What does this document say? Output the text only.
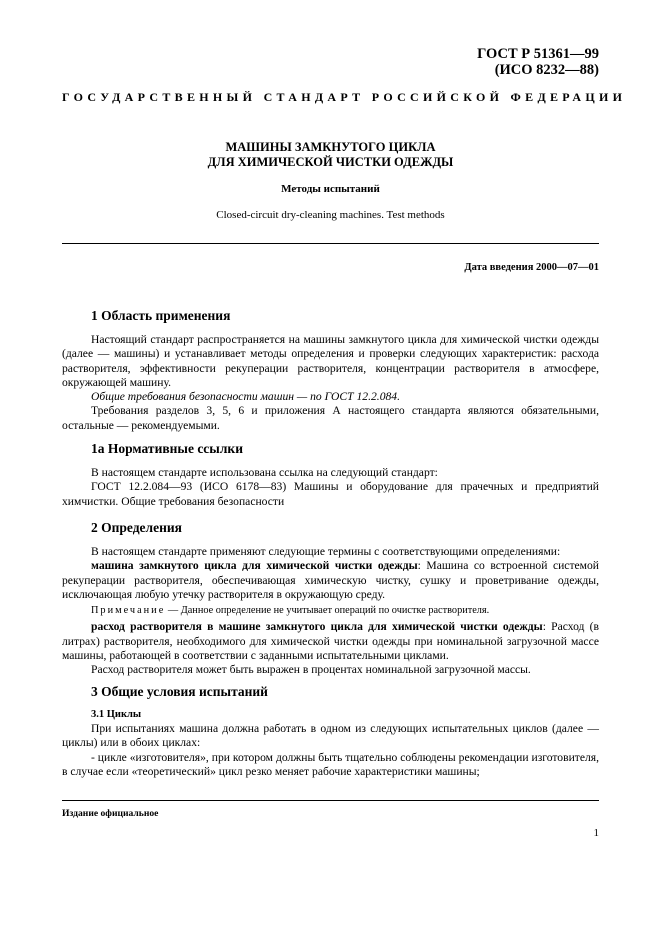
ГОСТ Р 51361—99
(ИСО 8232—88)
ГОСУДАРСТВЕННЫЙ СТАНДАРТ РОССИЙСКОЙ ФЕДЕРАЦИИ
МАШИНЫ ЗАМКНУТОГО ЦИКЛА
ДЛЯ ХИМИЧЕСКОЙ ЧИСТКИ ОДЕЖДЫ
Методы испытаний
Closed-circuit dry-cleaning machines. Test methods
Дата введения 2000—07—01
1 Область применения

Настоящий стандарт распространяется на машины замкнутого цикла для химической чистки одежды (далее — машины) и устанавливает методы определения и проверки следующих характеристик: расхода растворителя, эффективности рекуперации растворителя, концентрации растворителя в атмосфере, окружающей машину.

Общие требования безопасности машин — по ГОСТ 12.2.084.

Требования разделов 3, 5, 6 и приложения А настоящего стандарта являются обязательными, остальные — рекомендуемыми.

1а Нормативные ссылки

В настоящем стандарте использована ссылка на следующий стандарт:

ГОСТ 12.2.084—93 (ИСО 6178—83) Машины и оборудование для прачечных и предприятий химчистки. Общие требования безопасности

2 Определения

В настоящем стандарте применяют следующие термины с соответствующими определениями:

машина замкнутого цикла для химической чистки одежды: Машина со встроенной системой рекуперации растворителя, обеспечивающая химическую чистку, сушку и проветривание одежды, исключающая любую утечку растворителя в окружающую среду.

Примечание — Данное определение не учитывает операций по очистке растворителя.

расход растворителя в машине замкнутого цикла для химической чистки одежды: Расход (в литрах) растворителя, необходимого для химической чистки одежды при номинальной загрузочной массе машины, работающей в соответствии с заданными испытательными циклами.

Расход растворителя может быть выражен в процентах номинальной загрузочной массы.

3 Общие условия испытаний
3.1 Циклы

При испытаниях машина должна работать в одном из следующих испытательных циклов (далее — циклы) или в обоих циклах:

- цикле «изготовителя», при котором должны быть тщательно соблюдены рекомендации изготовителя, в случае если «теоретический» цикл резко меняет рабочие характеристики машины;

Издание официальное
1
